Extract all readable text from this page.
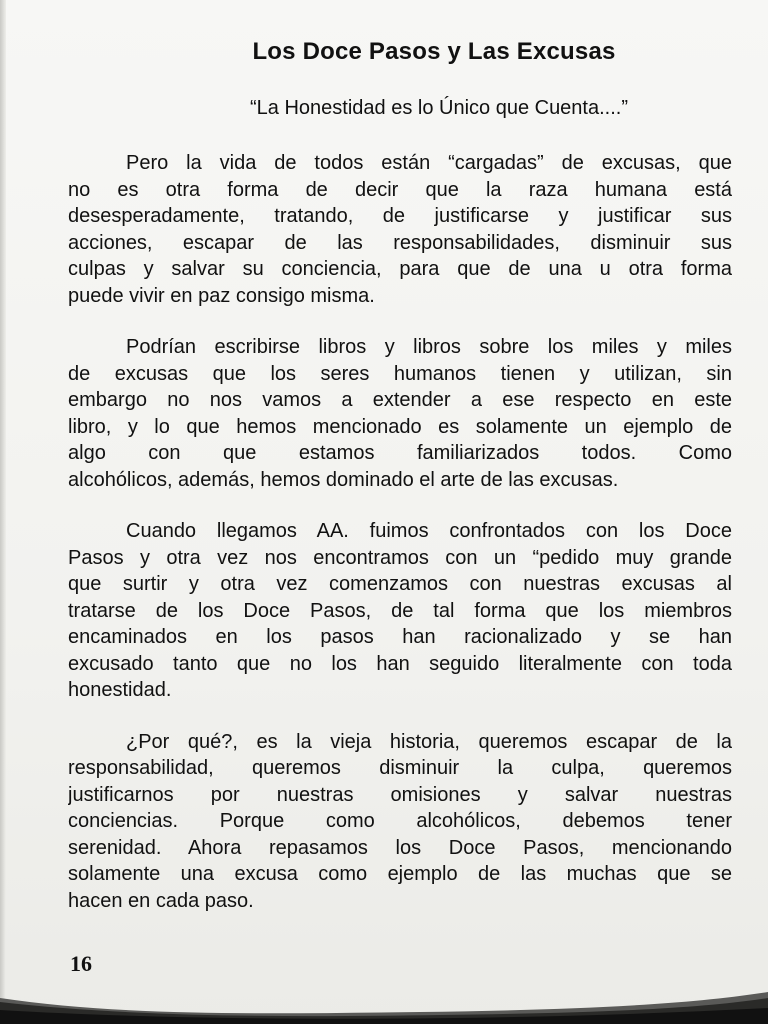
Los Doce Pasos y Las Excusas
“La Honestidad es lo Único que Cuenta....”
Pero la vida de todos están “cargadas” de excusas, que
no es otra forma de decir que la raza humana está
desesperadamente, tratando, de justificarse y justificar sus
acciones, escapar de las responsabilidades, disminuir sus
culpas y salvar su conciencia, para que de una u otra forma
puede vivir en paz consigo misma.
Podrían escribirse libros y libros sobre los miles y miles
de excusas que los seres humanos tienen y utilizan, sin
embargo no nos vamos a extender a ese respecto en este
libro, y lo que hemos mencionado es solamente un ejemplo de
algo con que estamos familiarizados todos. Como
alcohólicos, además, hemos dominado el arte de las excusas.
Cuando llegamos AA. fuimos confrontados con los Doce
Pasos y otra vez nos encontramos con un “pedido muy grande
que surtir y otra vez comenzamos con nuestras excusas al
tratarse de los Doce Pasos, de tal forma que los miembros
encaminados en los pasos han racionalizado y se han
excusado tanto que no los han seguido literalmente con toda
honestidad.
¿Por qué?, es la vieja historia, queremos escapar de la
responsabilidad, queremos disminuir la culpa, queremos
justificarnos por nuestras omisiones y salvar nuestras
conciencias. Porque como alcohólicos, debemos tener
serenidad. Ahora repasamos los Doce Pasos, mencionando
solamente una excusa como ejemplo de las muchas que se
hacen en cada paso.
16
